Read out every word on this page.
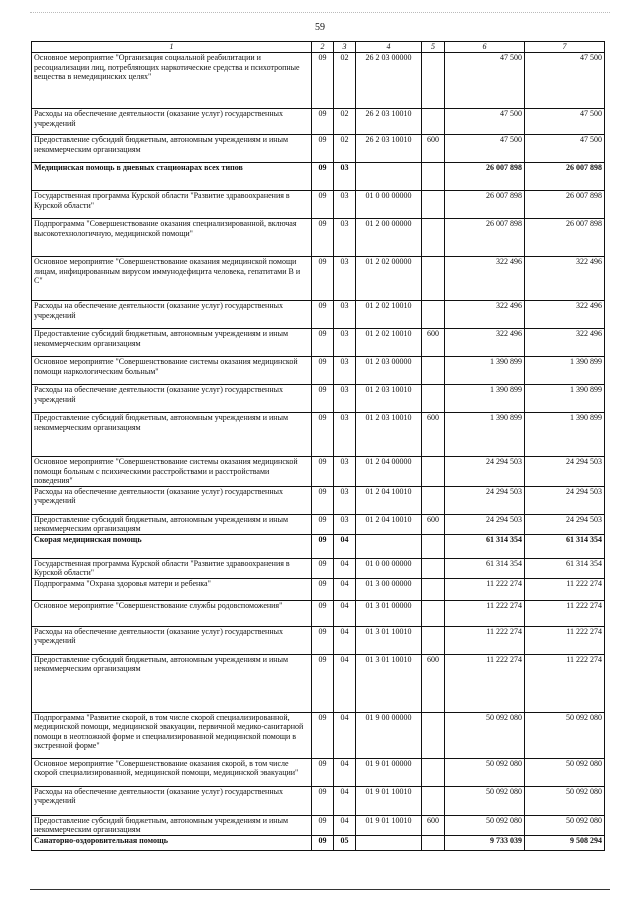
59
1	2	3	4	5	6	7
Основное мероприятие "Организация социальной реабилитации и ресоциализации лиц, потребляющих наркотические средства и психотропные вещества в немедицинских целях"	09	02	26 2 03 00000		47 500	47 500
Расходы на обеспечение деятельности (оказание услуг) государственных учреждений	09	02	26 2 03 10010		47 500	47 500
Предоставление субсидий бюджетным, автономным учреждениям и иным некоммерческим организациям	09	02	26 2 03 10010	600	47 500	47 500
Медицинская помощь в дневных стационарах всех типов	09	03			26 007 898	26 007 898
Государственная программа Курской области "Развитие здравоохранения в Курской области"	09	03	01 0 00 00000		26 007 898	26 007 898
Подпрограмма "Совершенствование оказания специализированной, включая высокотехнологичную, медицинской помощи"	09	03	01 2 00 00000		26 007 898	26 007 898
Основное мероприятие "Совершенствование оказания медицинской помощи лицам, инфицированным вирусом иммунодефицита человека, гепатитами В и С"	09	03	01 2 02 00000		322 496	322 496
Расходы на обеспечение деятельности (оказание услуг) государственных учреждений	09	03	01 2 02 10010		322 496	322 496
Предоставление субсидий бюджетным, автономным учреждениям и иным некоммерческим организациям	09	03	01 2 02 10010	600	322 496	322 496
Основное мероприятие "Совершенствование системы оказания медицинской помощи наркологическим больным"	09	03	01 2 03 00000		1 390 899	1 390 899
Расходы на обеспечение деятельности (оказание услуг) государственных учреждений	09	03	01 2 03 10010		1 390 899	1 390 899
Предоставление субсидий бюджетным, автономным учреждениям и иным некоммерческим организациям	09	03	01 2 03 10010	600	1 390 899	1 390 899
Основное мероприятие "Совершенствование системы оказания медицинской помощи больным с психическими расстройствами и расстройствами поведения"	09	03	01 2 04 00000		24 294 503	24 294 503
Расходы на обеспечение деятельности (оказание услуг) государственных учреждений	09	03	01 2 04 10010		24 294 503	24 294 503
Предоставление субсидий бюджетным, автономным учреждениям и иным некоммерческим организациям	09	03	01 2 04 10010	600	24 294 503	24 294 503
Скорая медицинская помощь	09	04			61 314 354	61 314 354
Государственная программа Курской области "Развитие здравоохранения в Курской области"	09	04	01 0 00 00000		61 314 354	61 314 354
Подпрограмма "Охрана здоровья матери и ребенка"	09	04	01 3 00 00000		11 222 274	11 222 274
Основное мероприятие "Совершенствование службы родовспоможения"	09	04	01 3 01 00000		11 222 274	11 222 274
Расходы на обеспечение деятельности (оказание услуг) государственных учреждений	09	04	01 3 01 10010		11 222 274	11 222 274
Предоставление субсидий бюджетным, автономным учреждениям и иным некоммерческим организациям	09	04	01 3 01 10010	600	11 222 274	11 222 274
Подпрограмма "Развитие скорой, в том числе скорой специализированной, медицинской помощи, медицинской эвакуации, первичной медико-санитарной помощи в неотложной форме и специализированной медицинской помощи в экстренной форме"	09	04	01 9 00 00000		50 092 080	50 092 080
Основное мероприятие "Совершенствование оказания скорой, в том числе скорой специализированной, медицинской помощи, медицинской эвакуации"	09	04	01 9 01 00000		50 092 080	50 092 080
Расходы на обеспечение деятельности (оказание услуг) государственных учреждений	09	04	01 9 01 10010		50 092 080	50 092 080
Предоставление субсидий бюджетным, автономным учреждениям и иным некоммерческим организациям	09	04	01 9 01 10010	600	50 092 080	50 092 080
Санаторно-оздоровительная помощь	09	05			9 733 039	9 508 294
